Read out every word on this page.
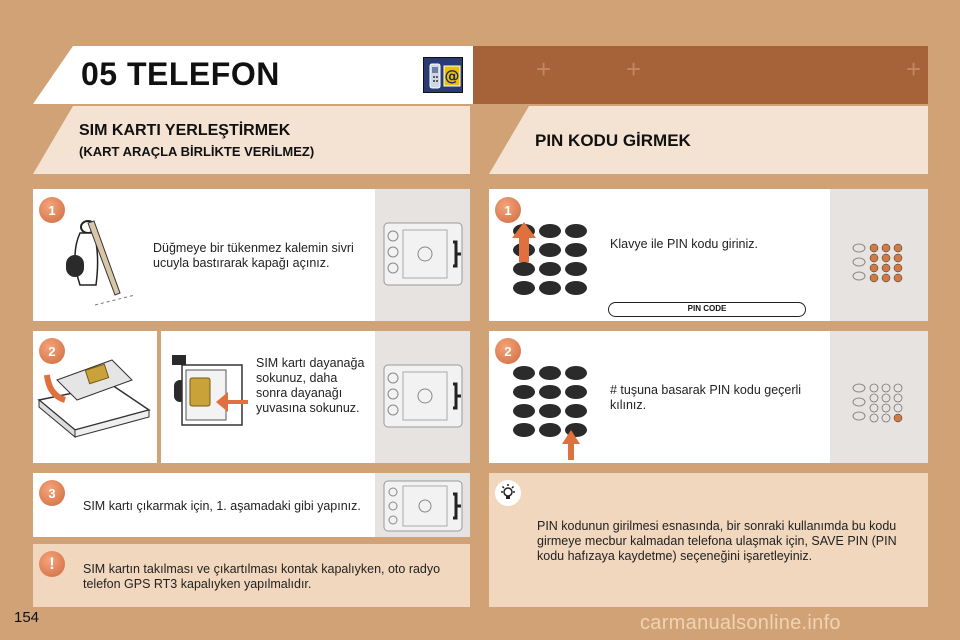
05 TELEFON	@	+	+	+
SIM KARTI YERLEŞTİRMEK
(KART ARAÇLA BİRLİKTE VERİLMEZ)
PIN KODU GİRMEK
1
Düğmeye bir tükenmez kalemin sivri ucuyla bastırarak kapağı açınız.
2
SIM kartı dayanağa sokunuz, daha sonra dayanağı yuvasına sokunuz.
3
SIM kartı çıkarmak için, 1. aşamadaki gibi yapınız.
!	SIM kartın takılması ve çıkartılması kontak kapalıyken, oto radyo telefon GPS RT3 kapalıyken yapılmalıdır.
1
Klavye ile PIN kodu giriniz.
PIN CODE
2
# tuşuna basarak PIN kodu geçerli kılınız.
PIN kodunun girilmesi esnasında, bir sonraki kullanımda bu kodu girmeye mecbur kalmadan telefona ulaşmak için, SAVE PIN (PIN kodu hafızaya kaydetme) seçeneğini işaretleyiniz.
154	carmanualsonline.info
